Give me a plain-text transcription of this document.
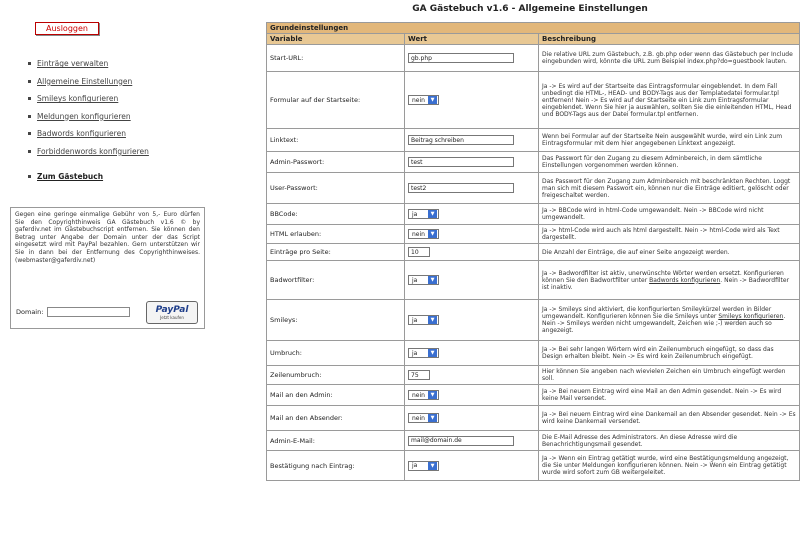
Ausloggen
Einträge verwalten
Allgemeine Einstellungen
Smileys konfigurieren
Meldungen konfigurieren
Badwords konfigurieren
Forbiddenwords konfigurieren
Zum Gästebuch
Gegen eine geringe einmalige Gebühr von 5,- Euro dürfen Sie den Copyrighthinweis GA Gästebuch v1.6 © by gaferdiv.net im Gästebuchscript entfernen. Sie können den Betrag unter Angabe der Domain unter der das Script eingesetzt wird mit PayPal bezahlen. Gern unterstützen wir Sie in dann bei der Entfernung des Copyrighthinweises. (webmaster@gaferdiv.net)
Domain:	PayPal
Jetzt kaufen
GA Gästebuch v1.6 - Allgemeine Einstellungen
Grundeinstellungen		
Variable	Wert	Beschreibung
Start-URL:	gb.php	Die relative URL zum Gästebuch, z.B. gb.php oder wenn das Gästebuch per Include eingebunden wird, könnte die URL zum Beispiel index.php?do=guestbook lauten.
Formular auf der Startseite:	nein ▼	Ja -> Es wird auf der Startseite das Eintragsformular eingeblendet. In dem Fall unbedingt die HTML-, HEAD- und BODY-Tags aus der Templatedatei formular.tpl entfernen! Nein -> Es wird auf der Startseite ein Link zum Eintragsformular eingeblendet. Wenn Sie hier ja auswählen, sollten Sie die einleitenden HTML, Head und BODY-Tags aus der Datei formular.tpl entfernen.
Linktext:	Beitrag schreiben	Wenn bei Formular auf der Startseite Nein ausgewählt wurde, wird ein Link zum Eintragsformular mit dem hier angegebenen Linktext angezeigt.
Admin-Passwort:	test	Das Passwort für den Zugang zu diesem Adminbereich, in dem sämtliche Einstellungen vorgenommen werden können.
User-Passwort:	test2	Das Passwort für den Zugang zum Adminbereich mit beschränkten Rechten. Loggt man sich mit diesem Passwort ein, können nur die Einträge editiert, gelöscht oder freigeschaltet werden.
BBCode:	ja ▼	Ja -> BBCode wird in html-Code umgewandelt. Nein -> BBCode wird nicht umgewandelt.
HTML erlauben:	nein ▼	Ja -> html-Code wird auch als html dargestellt. Nein -> html-Code wird als Text dargestellt.
Einträge pro Seite:	10	Die Anzahl der Einträge, die auf einer Seite angezeigt werden.
Badwortfilter:	ja ▼	Ja -> Badwordfilter ist aktiv, unerwünschte Wörter werden ersetzt. Konfigurieren können Sie den Badwortfilter unter Badwords konfigurieren. Nein -> Badwordfilter ist inaktiv.
Smileys:	ja ▼	Ja -> Smileys sind aktiviert, die konfigurierten Smileykürzel werden in Bilder umgewandelt. Konfigurieren können Sie die Smileys unter Smileys konfigurieren. Nein -> Smileys werden nicht umgewandelt, Zeichen wie ;-) werden auch so angezeigt.
Umbruch:	ja ▼	Ja -> Bei sehr langen Wörtern wird ein Zeilenumbruch eingefügt, so dass das Design erhalten bleibt. Nein -> Es wird kein Zeilenumbruch eingefügt.
Zeilenumbruch:	75	Hier können Sie angeben nach wievielen Zeichen ein Umbruch eingefügt werden soll.
Mail an den Admin:	nein ▼	Ja -> Bei neuem Eintrag wird eine Mail an den Admin gesendet. Nein -> Es wird keine Mail versendet.
Mail an den Absender:	nein ▼	Ja -> Bei neuem Eintrag wird eine Dankemail an den Absender gesendet. Nein -> Es wird keine Dankemail versendet.
Admin-E-Mail:	mail@domain.de	Die E-Mail Adresse des Administrators. An diese Adresse wird die Benachrichtigungsmail gesendet.
Bestätigung nach Eintrag:	ja ▼	Ja -> Wenn ein Eintrag getätigt wurde, wird eine Bestätigungsmeldung angezeigt, die Sie unter Meldungen konfigurieren können. Nein -> Wenn ein Eintrag getätigt wurde wird sofort zum GB weitergeleitet.
